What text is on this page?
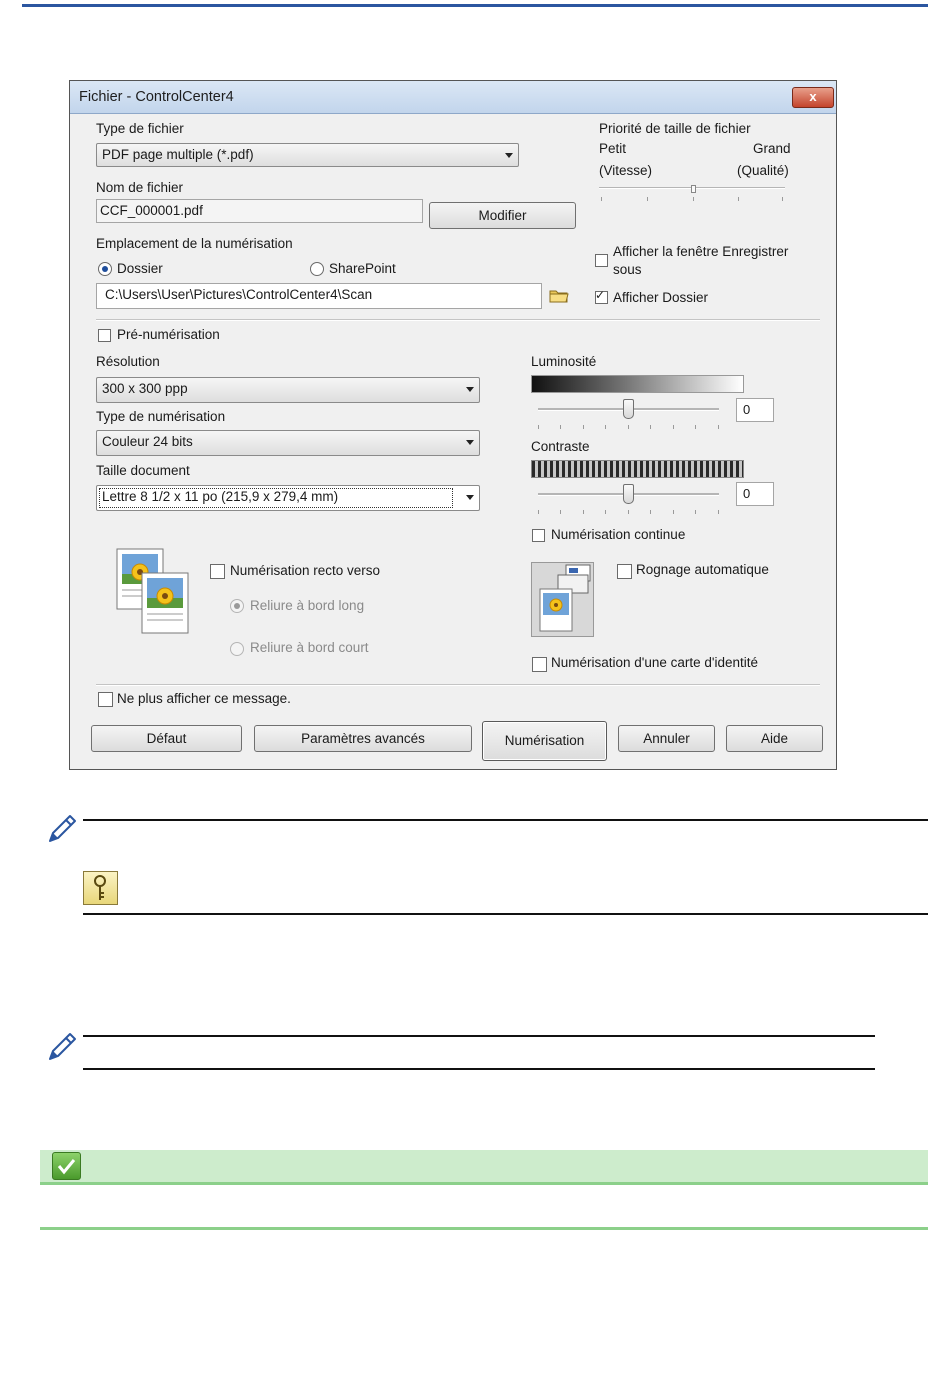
Fichier - ControlCenter4	x
Type de fichier
PDF page multiple (*.pdf)
Nom de fichier
CCF_000001.pdf	Modifier
Priorité de taille de fichier
Petit	Grand
(Vitesse)	(Qualité)
Emplacement de la numérisation
Dossier	SharePoint
C:\Users\User\Pictures\ControlCenter4\Scan
Afficher la fenêtre Enregistrer
sous
✓ Afficher Dossier
Pré-numérisation
Résolution
300 x 300 ppp
Type de numérisation
Couleur 24 bits
Taille document
Lettre 8 1/2 x 11 po (215,9 x 279,4 mm)
Luminosité
0
Contraste
0
Numérisation continue
Numérisation recto verso
Reliure à bord long
Reliure à bord court
Rognage automatique
Numérisation d'une carte d'identité
Ne plus afficher ce message.
Défaut	Paramètres avancés	Numérisation	Annuler	Aide
